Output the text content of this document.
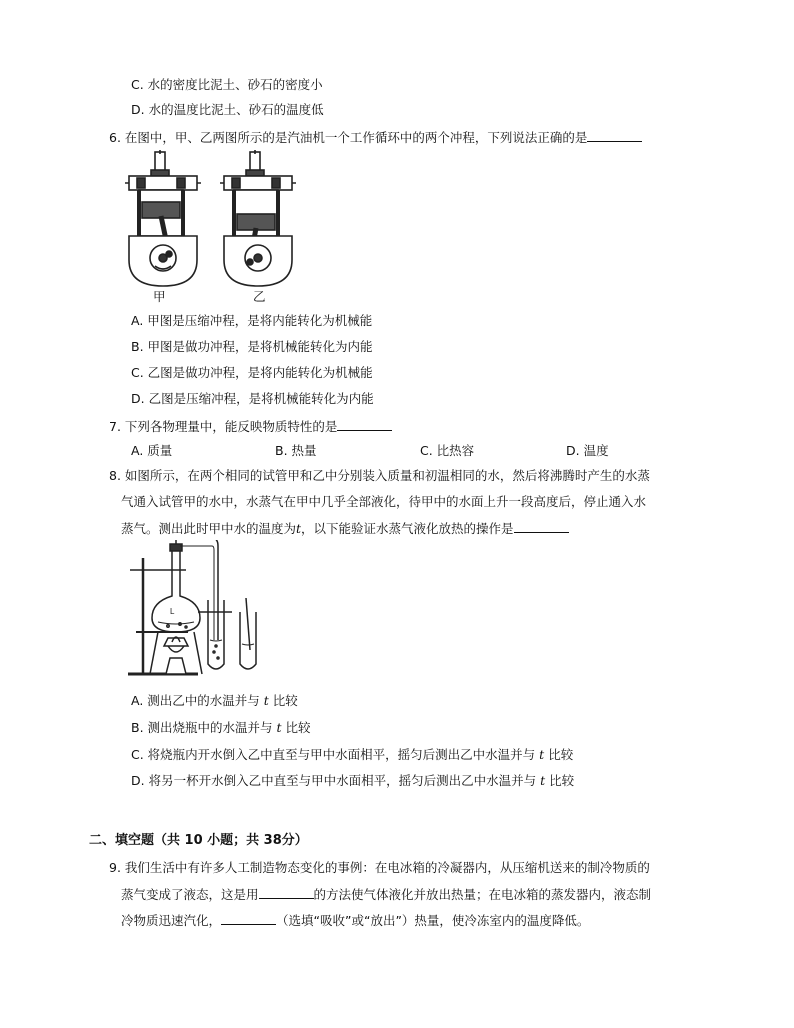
C. 水的密度比泥土、砂石的密度小
D. 水的温度比泥土、砂石的温度低
6. 在图中，甲、乙两图所示的是汽油机一个工作循环中的两个冲程，下列说法正确的是
甲	乙
A. 甲图是压缩冲程，是将内能转化为机械能
B. 甲图是做功冲程，是将机械能转化为内能
C. 乙图是做功冲程，是将内能转化为机械能
D. 乙图是压缩冲程，是将机械能转化为内能
7. 下列各物理量中，能反映物质特性的是
A. 质量	B. 热量	C. 比热容	D. 温度
8. 如图所示，在两个相同的试管甲和乙中分别装入质量和初温相同的水，然后将沸腾时产生的水蒸
气通入试管甲的水中，水蒸气在甲中几乎全部液化，待甲中的水面上升一段高度后，停止通入水
蒸气。测出此时甲中水的温度为t，以下能验证水蒸气液化放热的操作是
L
A. 测出乙中的水温并与 t 比较
B. 测出烧瓶中的水温并与 t 比较
C. 将烧瓶内开水倒入乙中直至与甲中水面相平，摇匀后测出乙中水温并与 t 比较
D. 将另一杯开水倒入乙中直至与甲中水面相平，摇匀后测出乙中水温并与 t 比较
二、填空题（共 10 小题；共 38分）
9. 我们生活中有许多人工制造物态变化的事例：在电冰箱的冷凝器内，从压缩机送来的制冷物质的
蒸气变成了液态，这是用	的方法使气体液化并放出热量；在电冰箱的蒸发器内，液态制
冷物质迅速汽化，	（选填“吸收”或“放出”）热量，使冷冻室内的温度降低。
